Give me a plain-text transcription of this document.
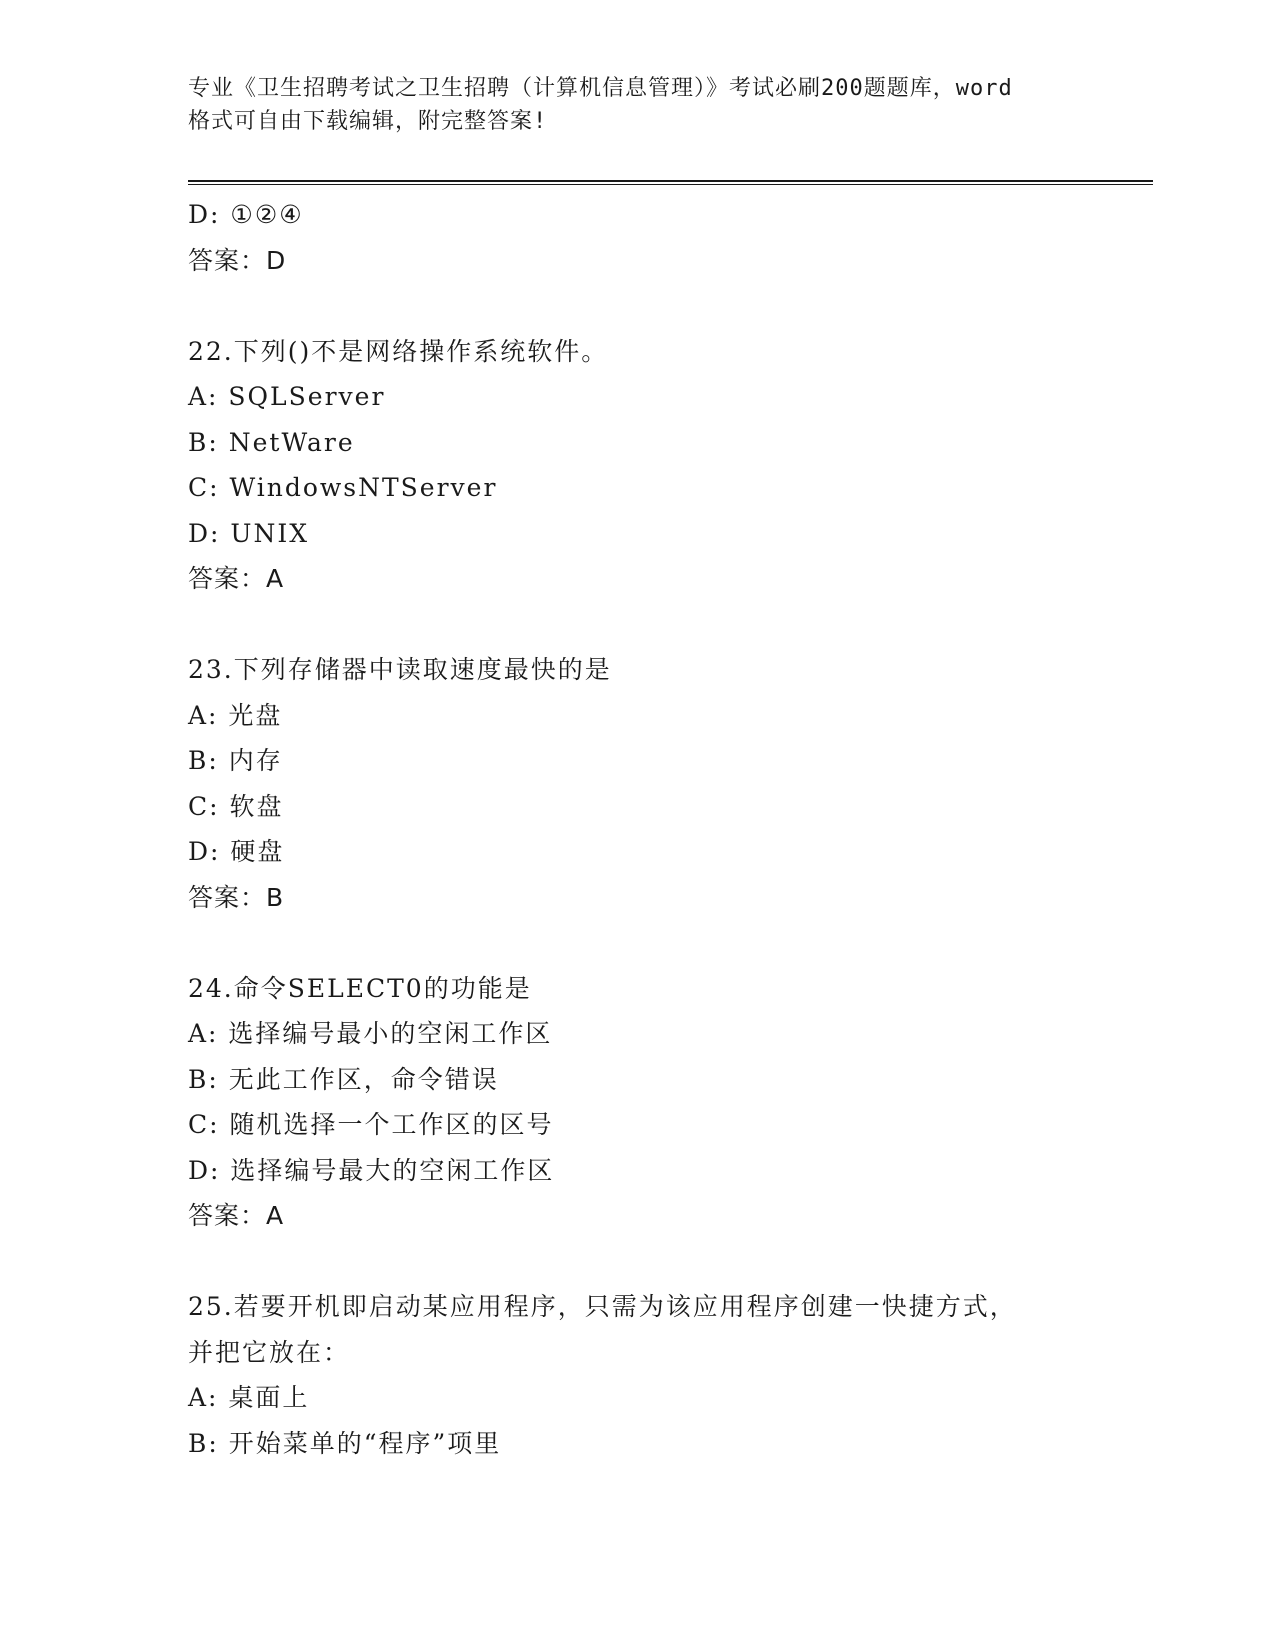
专业《卫生招聘考试之卫生招聘（计算机信息管理）》考试必刷200题题库，word
格式可自由下载编辑，附完整答案!
D: ①②④
答案：D
22.下列()不是网络操作系统软件。
A: SQLServer
B: NetWare
C: WindowsNTServer
D: UNIX
答案：A
23.下列存储器中读取速度最快的是
A: 光盘
B: 内存
C: 软盘
D: 硬盘
答案：B
24.命令SELECT0的功能是
A: 选择编号最小的空闲工作区
B: 无此工作区，命令错误
C: 随机选择一个工作区的区号
D: 选择编号最大的空闲工作区
答案：A
25.若要开机即启动某应用程序，只需为该应用程序创建一快捷方式，
并把它放在：
A: 桌面上
B: 开始菜单的“程序”项里
